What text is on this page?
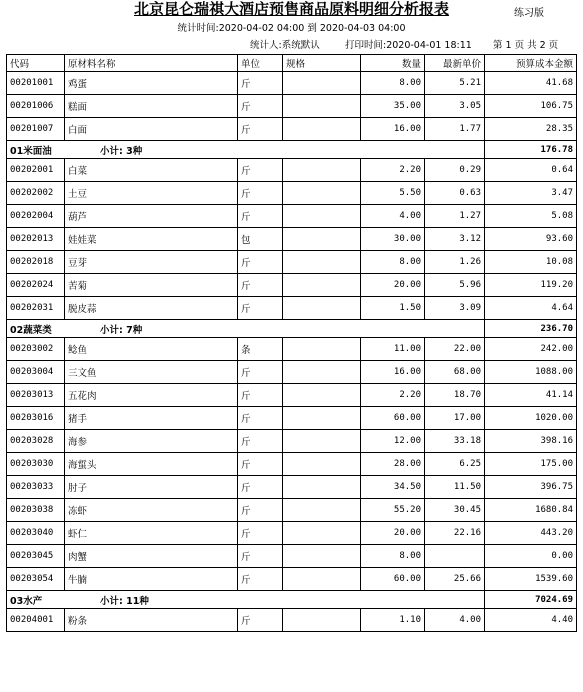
北京昆仑瑞祺大酒店预售商品原料明细分析报表	练习版
统计时间:2020-04-02 04:00 到 2020-04-03 04:00
统计人:系统默认	打印时间:2020-04-01 18:11 第 1 页 共 2 页
代码	原材料名称	单位	规格	数量	最新单价	预算成本金额
00201001	鸡蛋	斤		8.00	5.21	41.68
00201006	糕面	斤		35.00	3.05	106.75
00201007	白面	斤		16.00	1.77	28.35
01米面油 小计: 3种						176.78
00202001	白菜	斤		2.20	0.29	0.64
00202002	土豆	斤		5.50	0.63	3.47
00202004	葫芦	斤		4.00	1.27	5.08
00202013	娃娃菜	包		30.00	3.12	93.60
00202018	豆芽	斤		8.00	1.26	10.08
00202024	苦菊	斤		20.00	5.96	119.20
00202031	脱皮蒜	斤		1.50	3.09	4.64
02蔬菜类 小计: 7种						236.70
00203002	鲶鱼	条		11.00	22.00	242.00
00203004	三文鱼	斤		16.00	68.00	1088.00
00203013	五花肉	斤		2.20	18.70	41.14
00203016	猪手	斤		60.00	17.00	1020.00
00203028	海参	斤		12.00	33.18	398.16
00203030	海蜇头	斤		28.00	6.25	175.00
00203033	肘子	斤		34.50	11.50	396.75
00203038	冻虾	斤		55.20	30.45	1680.84
00203040	虾仁	斤		20.00	22.16	443.20
00203045	肉蟹	斤		8.00		0.00
00203054	牛腩	斤		60.00	25.66	1539.60
03水产 小计: 11种						7024.69
00204001	粉条	斤		1.10	4.00	4.40
